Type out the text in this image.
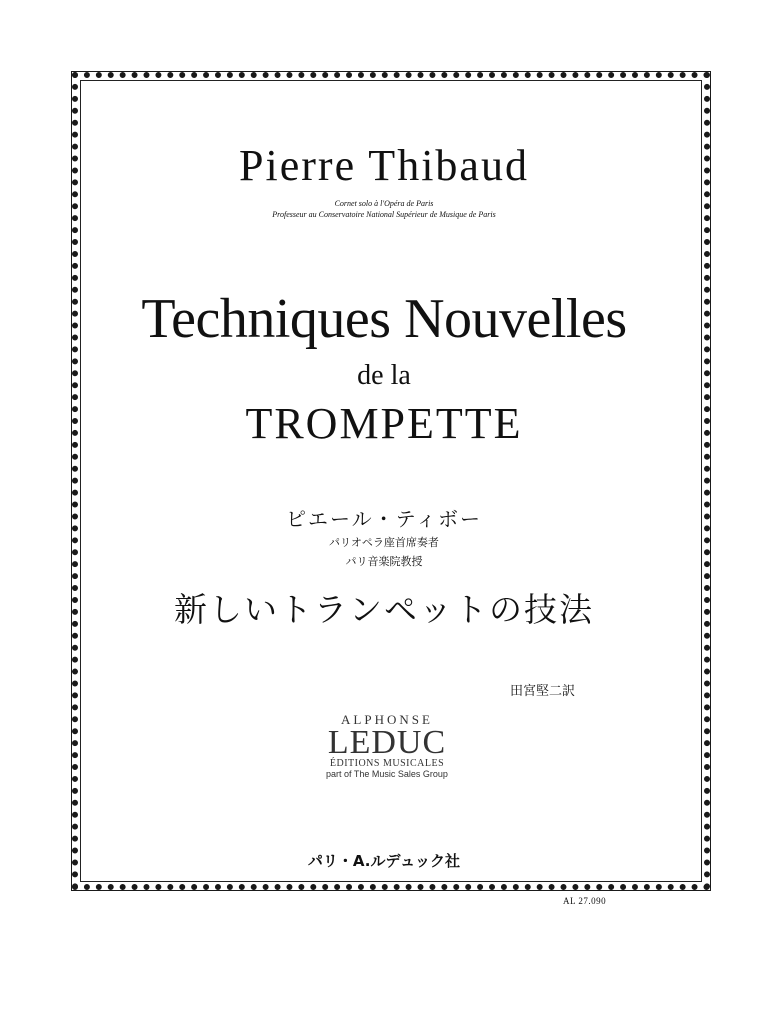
Pierre Thibaud
Cornet solo à l'Opéra de Paris
Professeur au Conservatoire National Supérieur de Musique de Paris
Techniques Nouvelles
de la
TROMPETTE
ピエール・ティボー
パリオペラ座首席奏者
パリ音楽院教授
新しいトランペットの技法
田宮堅二訳
ALPHONSE
LEDUC
ÉDITIONS MUSICALES
part of The Music Sales Group
パリ・A.ルデュック社
AL 27.090
